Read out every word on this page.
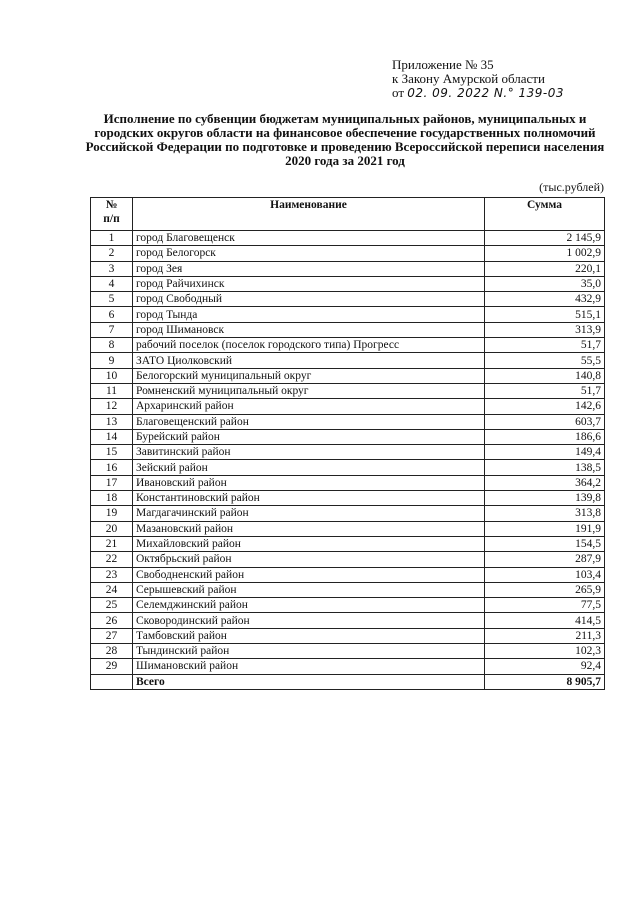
Приложение № 35
к Закону Амурской области
от 02. 09. 2022 N.° 139-03
Исполнение по субвенции бюджетам муниципальных районов, муниципальных и городских округов области на финансовое обеспечение государственных полномочий Российской Федерации по подготовке и проведению Всероссийской переписи населения 2020 года за 2021 год
(тыс.рублей)
№
п/п	Наименование	Сумма
1	город Благовещенск	2 145,9
2	город Белогорск	1 002,9
3	город Зея	220,1
4	город Райчихинск	35,0
5	город Свободный	432,9
6	город Тында	515,1
7	город Шимановск	313,9
8	рабочий поселок (поселок городского типа) Прогресс	51,7
9	ЗАТО Циолковский	55,5
10	Белогорский муниципальный округ	140,8
11	Ромненский муниципальный округ	51,7
12	Архаринский район	142,6
13	Благовещенский район	603,7
14	Бурейский район	186,6
15	Завитинский район	149,4
16	Зейский район	138,5
17	Ивановский район	364,2
18	Константиновский район	139,8
19	Магдагачинский район	313,8
20	Мазановский район	191,9
21	Михайловский район	154,5
22	Октябрьский район	287,9
23	Свободненский район	103,4
24	Серышевский район	265,9
25	Селемджинский район	77,5
26	Сковородинский район	414,5
27	Тамбовский район	211,3
28	Тындинский район	102,3
29	Шимановский район	92,4
	Всего	8 905,7
